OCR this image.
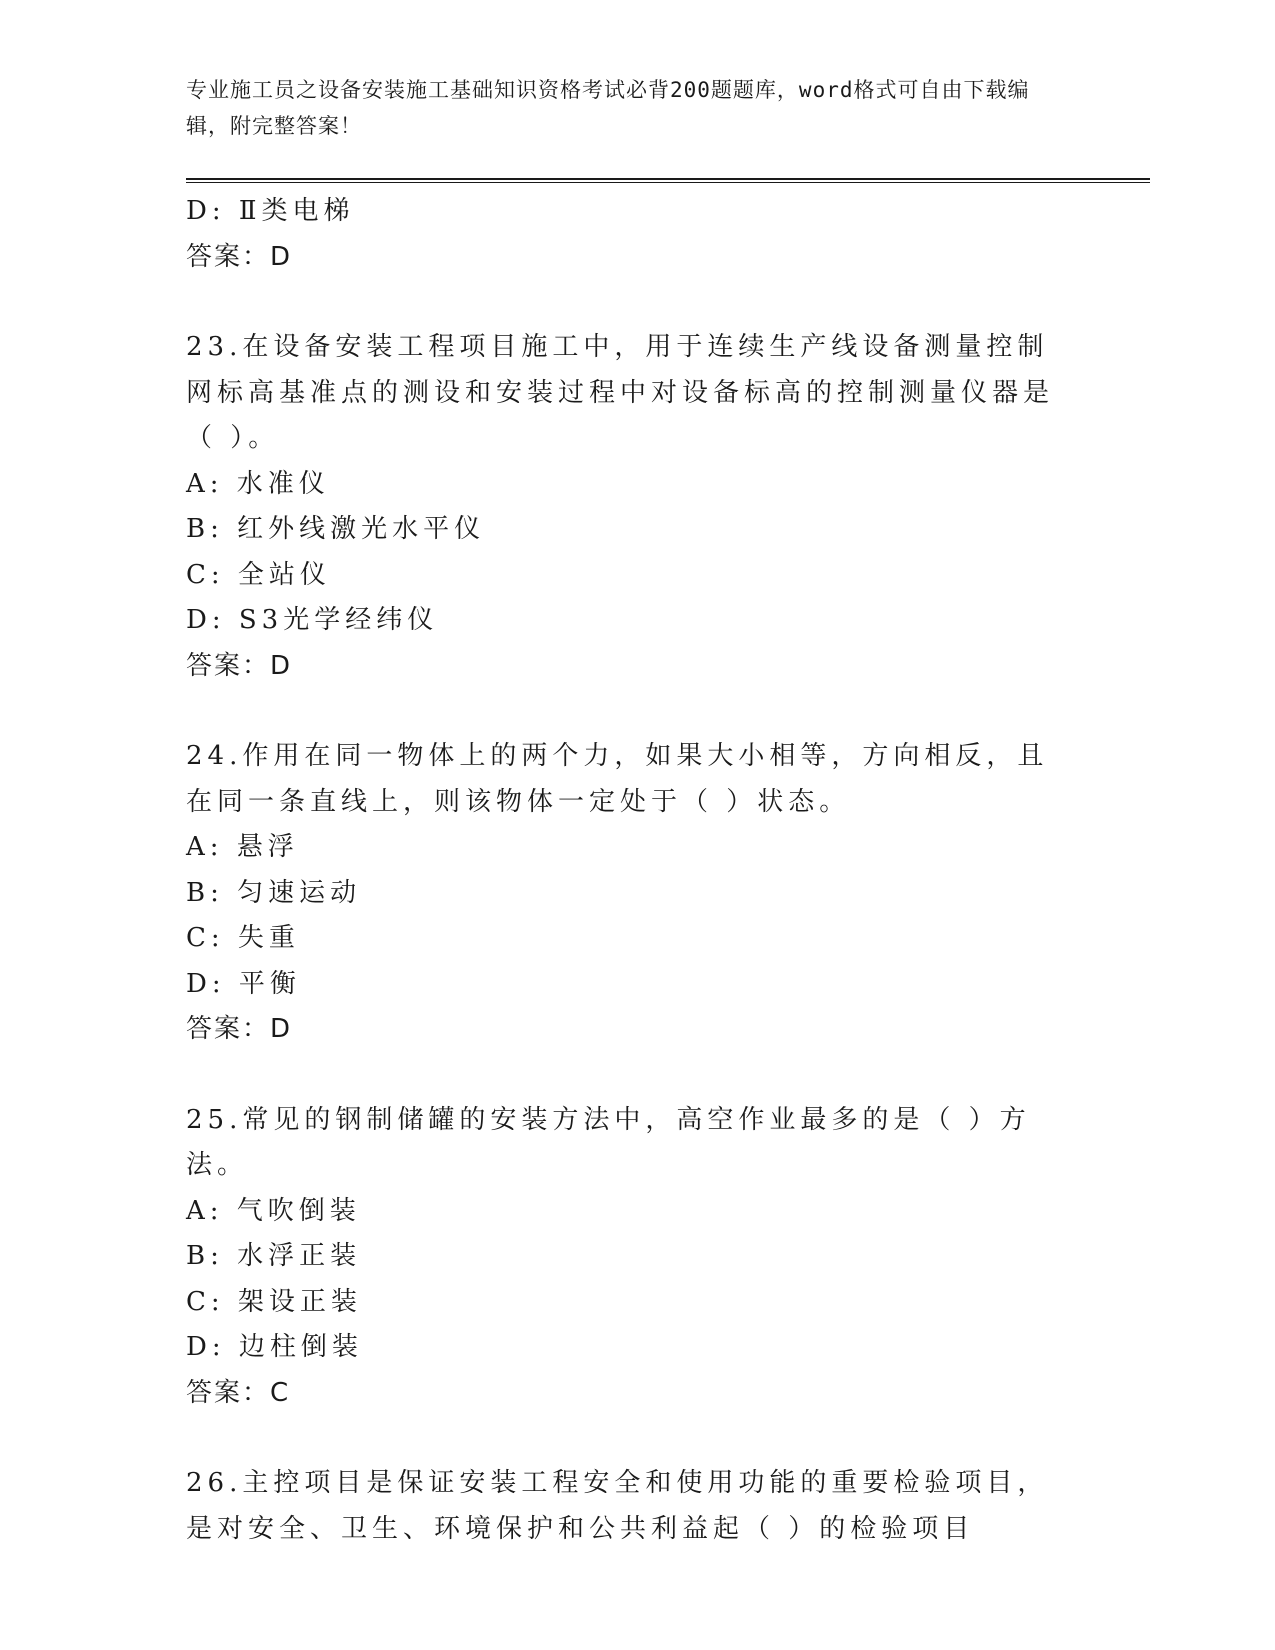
专业施工员之设备安装施工基础知识资格考试必背200题题库，word格式可自由下载编辑，附完整答案！
D: Ⅱ类电梯
答案：D
23.在设备安装工程项目施工中，用于连续生产线设备测量控制网标高基准点的测设和安装过程中对设备标高的控制测量仪器是（ ）。
A: 水准仪
B: 红外线激光水平仪
C: 全站仪
D: S3光学经纬仪
答案：D
24.作用在同一物体上的两个力，如果大小相等，方向相反，且在同一条直线上，则该物体一定处于（ ）状态。
A: 悬浮
B: 匀速运动
C: 失重
D: 平衡
答案：D
25.常见的钢制储罐的安装方法中，高空作业最多的是（ ）方法。
A: 气吹倒装
B: 水浮正装
C: 架设正装
D: 边柱倒装
答案：C
26.主控项目是保证安装工程安全和使用功能的重要检验项目，是对安全、卫生、环境保护和公共利益起（ ）的检验项目
